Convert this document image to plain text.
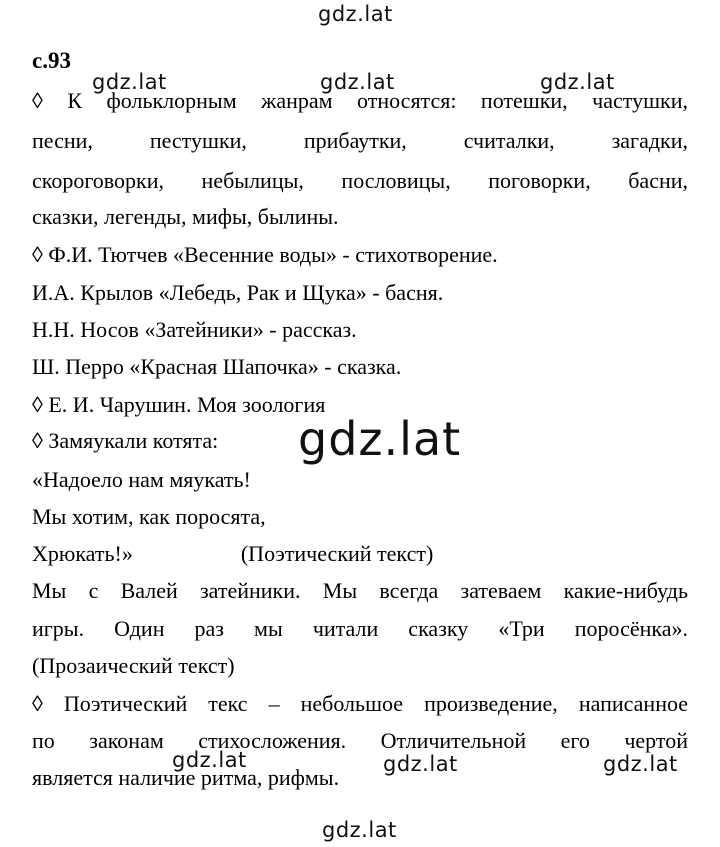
gdz.lat
gdz.lat	gdz.lat	gdz.lat
gdz.lat
gdz.lat	gdz.lat	gdz.lat
gdz.lat
с.93
◊ К фольклорным жанрам относятся: потешки, частушки,
песни, пестушки, прибаутки, считалки, загадки,
скороговорки, небылицы, пословицы, поговорки, басни,
сказки, легенды, мифы, былины.
◊ Ф.И. Тютчев «Весенние воды» - стихотворение.
И.А. Крылов «Лебедь, Рак и Щука» - басня.
Н.Н. Носов «Затейники» - рассказ.
Ш. Перро «Красная Шапочка» - сказка.
◊ Е. И. Чарушин. Моя зоология
◊ Замяукали котята:
«Надоело нам мяукать!
Мы хотим, как поросята,
Хрюкать!»	(Поэтический текст)
Мы с Валей затейники. Мы всегда затеваем какие-нибудь
игры. Один раз мы читали сказку «Три поросёнка».
(Прозаический текст)
◊ Поэтический текс – небольшое произведение, написанное
по законам стихосложения. Отличительной его чертой
является наличие ритма, рифмы.
